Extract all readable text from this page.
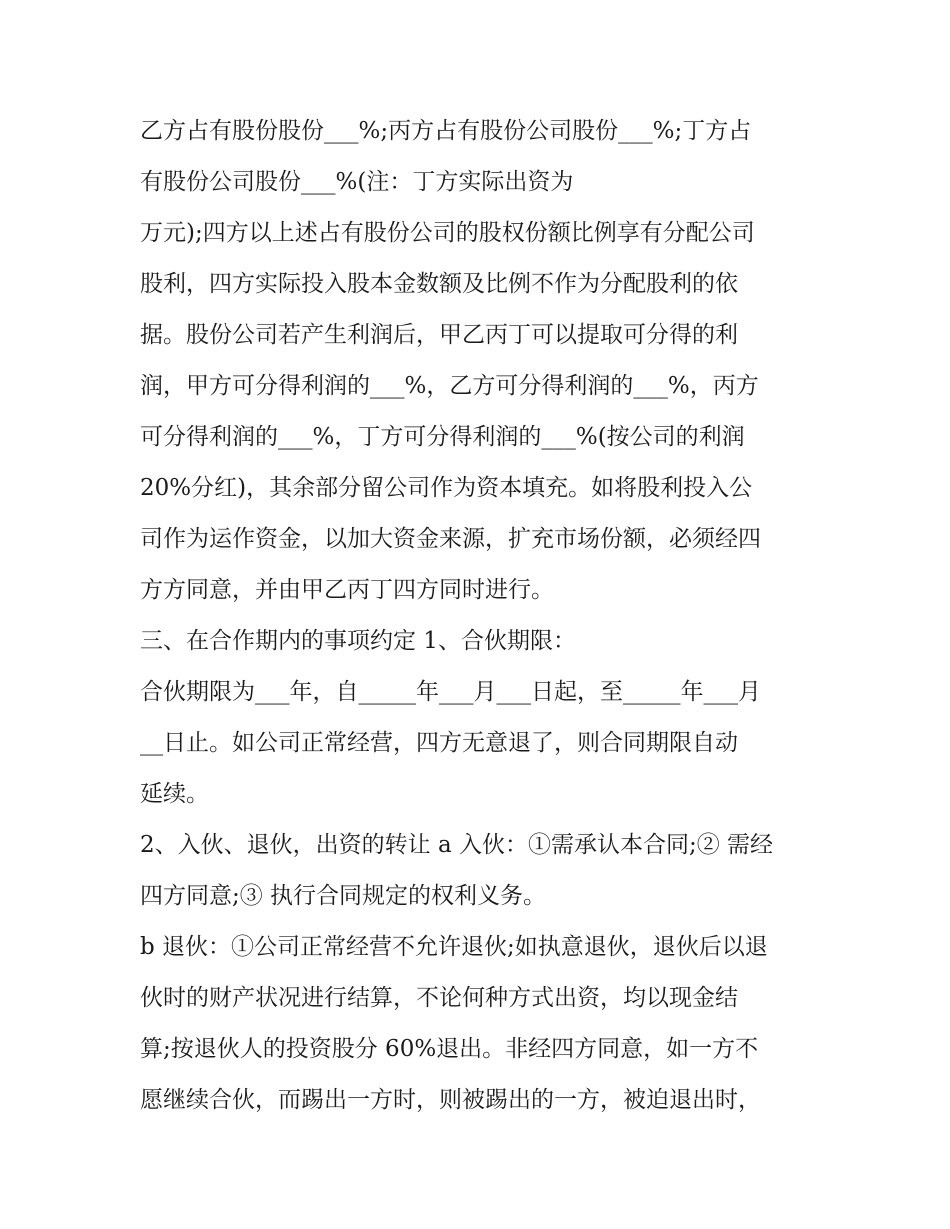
乙方占有股份股份___%;丙方占有股份公司股份___%;丁方占

有股份公司股份___%(注：丁方实际出资为

万元);四方以上述占有股份公司的股权份额比例享有分配公司

股利，四方实际投入股本金数额及比例不作为分配股利的依

据。股份公司若产生利润后，甲乙丙丁可以提取可分得的利

润，甲方可分得利润的___%，乙方可分得利润的___%，丙方

可分得利润的___%，丁方可分得利润的___%(按公司的利润

20%分红)，其余部分留公司作为资本填充。如将股利投入公

司作为运作资金，以加大资金来源，扩充市场份额，必须经四

方方同意，并由甲乙丙丁四方同时进行。

三、在合作期内的事项约定 1、合伙期限：

合伙期限为___年，自_____年___月___日起，至_____年___月

__日止。如公司正常经营，四方无意退了，则合同期限自动

延续。

2、入伙、退伙，出资的转让 a 入伙：①需承认本合同;② 需经

四方同意;③ 执行合同规定的权利义务。

b 退伙：①公司正常经营不允许退伙;如执意退伙，退伙后以退

伙时的财产状况进行结算，不论何种方式出资，均以现金结

算;按退伙人的投资股分 60%退出。非经四方同意，如一方不

愿继续合伙，而踢出一方时，则被踢出的一方，被迫退出时，
